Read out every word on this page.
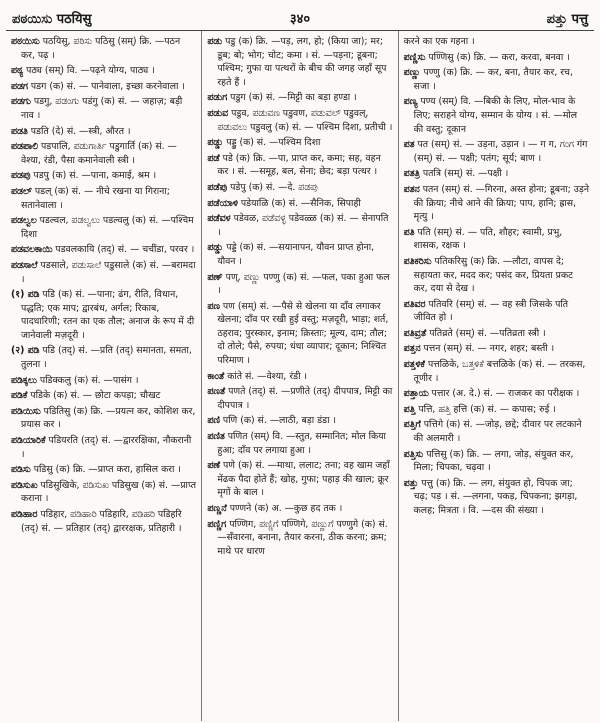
ಪಠಯಿಸು पठयिसु	३४०	ಪತ್ತು पत्तु
ಪಠಯಿಸು पठयिसु, ಪಠಿಸು पठिसु (सम्) क्रि. —पठन कर, पढ़ ।
ಪಠ್ಯ पठ्य (सम्) वि. —पढ़ने योग्य, पाठ्य ।
ಪಡಗ पडग (क) सं. — पानेवाला, इच्छा करनेवाला ।
ಪಡಗು पडगु, ಪಡಂಗು पडंगु (क) सं. — जहाज़; बड़ी नाव ।
ಪಡತಿ पडति (दे) सं. —स्त्री, औरत ।
ಪಡಪಾಲಿ पडपालि, ಪಡುಗಾರ್ತಿ पडुगार्ति (क) सं. —वेश्या, रंडी, पैसा कमानेवाली स्त्री ।
ಪಡಪು पडपु (क) सं. —पाना, कमाई, श्रम ।
ಪಡಲ್ पडल् (क) सं. — नीचे रखना या गिराना; सतानेवाला ।
ಪಡಲ್ವಲ पडल्वल, ಪಡಲ್ವಲು पडल्वलु (क) सं. —पश्चिम दिशा
ಪಡವಲಕಾಯಿ पडवलकायि (तद्) सं. — चचींडा, परवर ।
ಪಡಸಾಲೆ पडसाले, ಪಡುಸಾಲೆ पडुसाले (क) सं. —बरामदा ।
(१) ಪಡಿ पडि (क) सं. —पाना; ढंग, रीति, विधान, पद्धति; एक माप; द्वारबंध, अर्गल; रिकाब, पादधारिणी; रतन का एक तौल; अनाज के रूप में दी जानेवाली मज़दूरी ।
(२) ಪಡಿ पडि (तद्) सं. —प्रति (तद्) समानता, समता, तुलना ।
ಪಡಿಕ್ಕಲು पडिक्कलु (क) सं. —पासंग ।
ಪಡಿಕೆ पडिके (क) सं. — छोटा कपड़ा; चौखट
ಪಡಿಯಿಸು पडितिसु (क) क्रि. —प्रयत्न कर, कोशिश कर, प्रयास कर ।
ಪಡಿಯಾರಿಕೆ पडियरति (तद्) सं. —द्वाररक्षिका, नौकरानी ।
ಪಡಿಸು पडिसु (क) क्रि. —प्राप्त करा, हासिल करा ।
ಪಡಿಸುಖ पडिसुखिके, ಪಡಿಸುಖ पडिसुख (क) सं. —प्राप्त कराना ।
ಪಡಿಹಾರ पडिहार, ಪಡಿಹಾರಿ पडिहारि, ಪಡಿಹರಿ पडिहरि (तद्) सं. — प्रतिहार (तद्) द्वाररक्षक, प्रतिहारी ।
ಪಡು पडु (क) क्रि. —पड़, लग, हो; (किया जा); मर; डूब; बो; भोग; चोट; कमा । सं. —पड़ना; डूबना; पश्चिम; गुफा या पत्थरों के बीच की जगह जहाँ सूप रहते हैं ।
ಪಡುಗ पडुग (क) सं. —मिट्टी का बड़ा हण्डा ।
ಪಡುವ पडुव, ಪಡುವಣ पडुवण, ಪಡುವಲ್ पडुवल्, ಪಡುವಲು पडुवलु (क) सं. — पश्चिम दिशा, प्रतीची ।
ಪಡ್ಡು पड्डु (क) सं. —पश्चिम दिशा
ಪಡೆ पडे (क) क्रि. —पा, प्राप्त कर, कमा; सह, वहन कर । सं. —समूह, बल, सेना; छेद; बड़ा पत्थर ।
ಪಡೆಪು पडेपु (क) सं. —दे. ಪಡಪು
ಪಡೆಯಾಳಿ पडेयाळि (क) सं. —सैनिक, सिपाही
ಪಡೆವಳ पडेवळ, ಪಡೆವಳ್ಳ पडेवळ्ळ (क) सं. — सेनापति ।
ಪಡ್ಡು पड्डे (क) सं. —सयानापन, यौवन प्राप्त होना, यौवन ।
ಪಣ್ पण्, ಪಣ್ಣು पण्णु (क) सं. —फल, पका हुआ फल ।
ಪಣ पण (सम्) सं. —पैसे से खेलना या दाँव लगाकर खेलना; दाँव पर रखी हुई वस्तु; मज़दूरी, भाड़ा; शर्त, ठहराव; पुरस्कार, इनाम; क़िस्ताः; मूल्य, दाम; तौल; दो तोले; पैसे, रुपया; धंधा व्यापार; दूकान; निश्चित परिमाण ।
ಕಾಂತೆ कांते सं. —वेश्या, रंडी ।
ಪಣತೆ पणते (तद्) सं. —प्रणीते (तद्) दीपपात्र, मिट्टी का दीपपात्र ।
ಪಣಿ पणि (क) सं. —लाठी, बड़ा डंडा ।
ಪಣಿತ पणित (सम्) वि. —स्तुत, सम्मानित; मोल किया हुआ; दाँव पर लगाया हुआ ।
ಪಣೆ पणे (क) सं. —माथा, ललाट; तना; वह खाम जहाँ मेंढक पैदा होते हैं; खोह, गुफा; पहाड़ की खाल; क्रूर मृगों के बाल ।
ಪಣ್ಣನೆ पण्णने (क) अ. —कुछ हद तक ।
ಪಣ್ಣಿಗ पण्णिग, ಪಣ್ಣಿಗೆ पण्णिगे, ಪಣ್ಣುಗೆ पण्णुगे (क) सं. —सँवारना, बनाना, तैयार करना, ठीक करना; क्रम; माथे पर धारण
करने का एक गहना ।
ಪಣ್ಣಿಸು पण्णिसु (क) क्रि. — करा, करवा, बनवा ।
ಪಣ್ಣು पण्णु (क) क्रि. — कर, बना, तैयार कर, रच, सजा ।
ಪಣ್ಯ पण्य (सम्) वि. —बिकी के लिए, मोल-भाव के लिए; सराहने योग्य, सम्मान के योग्य । सं. —मोल की वस्तु; दूकान
ಪತ पत (सम्) सं. — उड़ना, उड़ान । — ग ग, ಗಂಗ गंग (सम्) सं. — पक्षी; पतंग; सूर्य; बाण ।
ಪತತ್ರಿ पतत्रि (सम्) सं. —पक्षी ।
ಪತನ पतन (सम्) सं. —गिरना, अस्त होना; डूबना; उड़ने की क्रिया; नीचे आने की क्रिया; पाप, हानि; ह्रास, मृत्यु ।
ಪತಿ पति (सम्) सं. — पति, शौहर; स्वामी, प्रभु, शासक, रक्षक ।
ಪತಿಕರಿಸು पतिकरिसु (क) क्रि. —लौटा, वापस दे; सहायता कर, मदद कर; पसंद कर, प्रियता प्रकट कर, दया से देख ।
ಪತಿವರ पतिवरि (सम्) सं. — वह स्त्री जिसके पति जीवित हो ।
ಪತಿವ್ರತೆ पतिव्रते (सम्) सं. —पतिव्रता स्त्री ।
ಪತ್ತನ पत्तन (सम्) सं. — नगर, शहर; बस्ती ।
ಪತ್ತಳಿಕೆ पत्तळिके, ಬತ್ತಳಿಕೆ बत्तळिके (क) सं. — तरकस, तूणीर ।
ಪತ್ತಾಯ पत्तार (अ. दे.) सं. — राजकर का परीक्षक ।
ಪತ್ತಿ पत्ति, ಹತ್ತಿ हत्ति (क) सं. — कपास; रुई ।
ಪತ್ತಿಗೆ पत्तिगे (क) सं. —जोड़, छद्दे; दीवार पर लटकाने की अलमारी ।
ಪತ್ತಿಸು पत्तिसु (क) क्रि. — लगा, जोड़, संयुक्त कर, मिला; चिपका, चढ़वा ।
ಪತ್ತು पत्तु (क) क्रि. — लग, संयुक्त हो, चिपक जा; चढ़; पड़ । सं. —लगना, पकड़, चिपकना; झगड़ा, कलह; मित्रता । वि. —दस की संख्या ।
